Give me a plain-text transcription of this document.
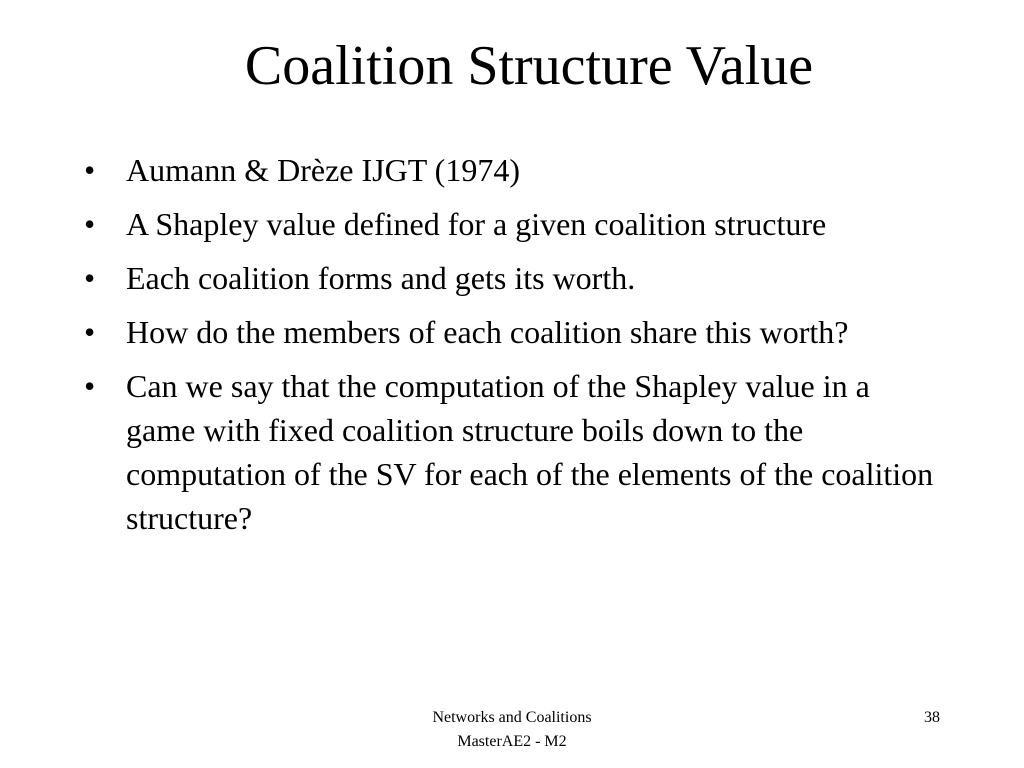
Coalition Structure Value
• Aumann & Drèze IJGT (1974)
• A Shapley value defined for a given coalition structure
• Each coalition forms and gets its worth.
• How do the members of each coalition share this worth?
• Can we say that the computation of the Shapley value in a game with fixed coalition structure boils down to the computation of the SV for each of the elements of the coalition structure?
Networks and Coalitions
MasterAE2 - M2
38
